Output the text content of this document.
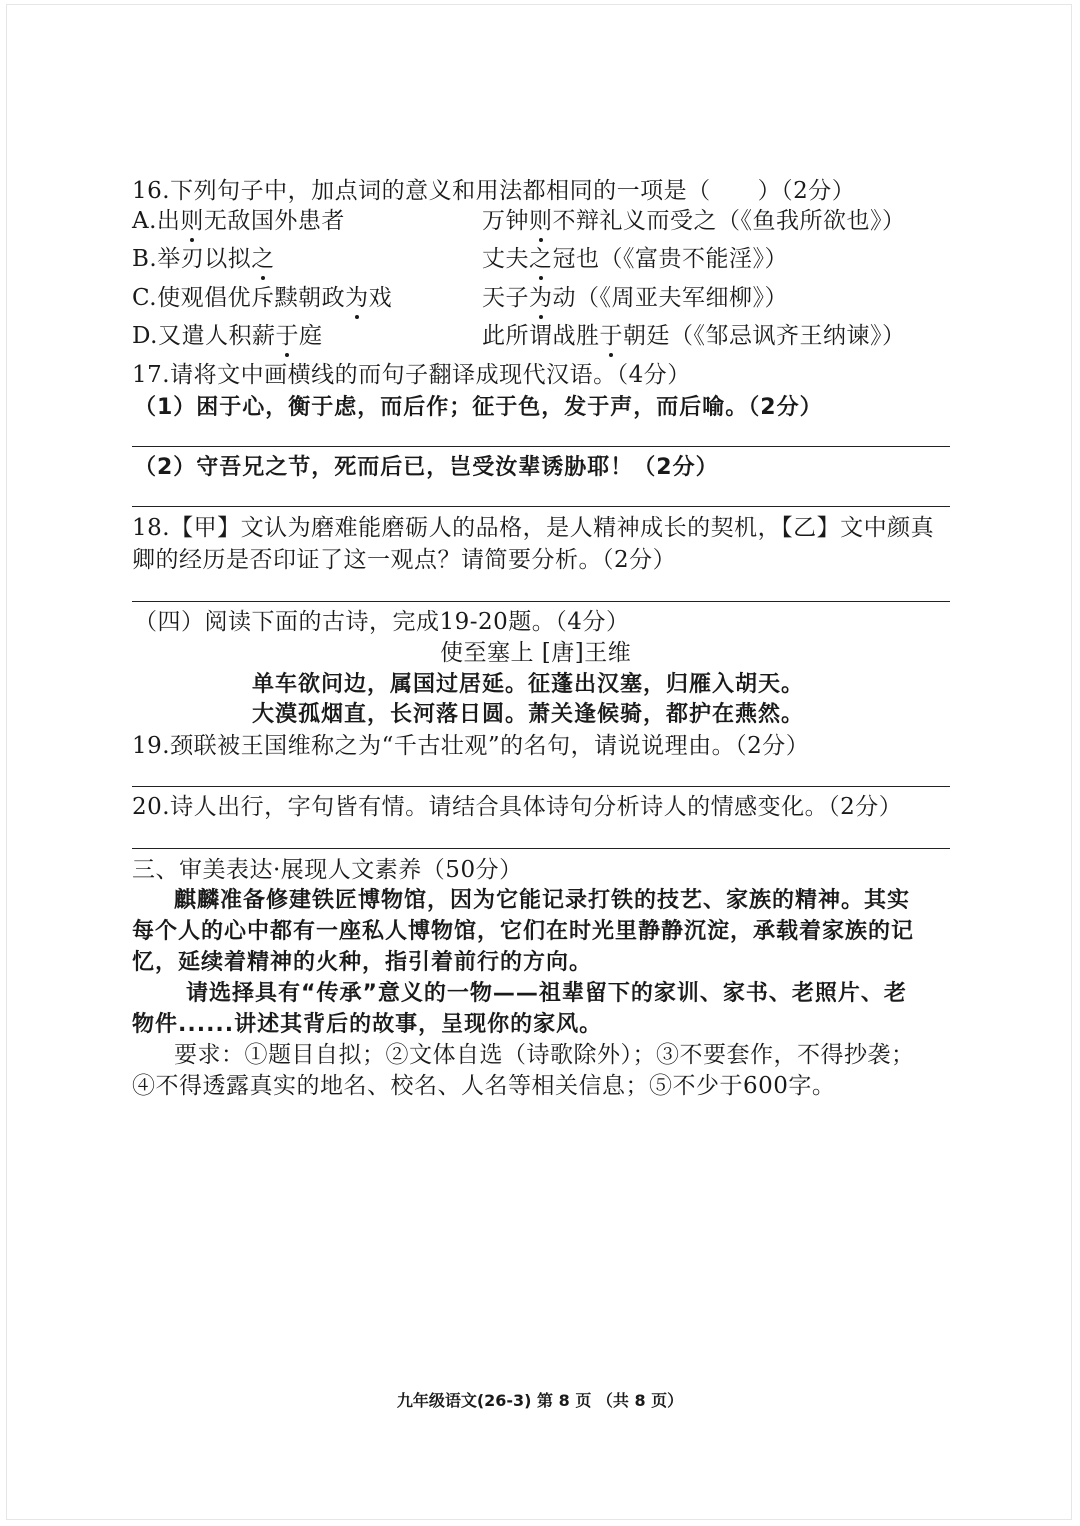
16.下列句子中，加点词的意义和用法都相同的一项是（　　）（2分）
A.出则无敌国外患者	万钟则不辩礼义而受之（《鱼我所欲也》）
B.举刃以拟之	丈夫之冠也（《富贵不能淫》）
C.使观倡优斥黩朝政为戏	天子为动（《周亚夫军细柳》）
D.又遣人积薪于庭	此所谓战胜于朝廷（《邹忌讽齐王纳谏》）
17.请将文中画横线的而句子翻译成现代汉语。（4分）
（1）困于心，衡于虑，而后作；征于色，发于声，而后喻。（2分）
（2）守吾兄之节，死而后已，岂受汝辈诱胁耶！（2分）
18.【甲】文认为磨难能磨砺人的品格，是人精神成长的契机，【乙】文中颜真
卿的经历是否印证了这一观点？请简要分析。（2分）
（四）阅读下面的古诗，完成19-20题。（4分）
使至塞上 [唐]王维
单车欲问边，属国过居延。征蓬出汉塞，归雁入胡天。
大漠孤烟直，长河落日圆。萧关逢候骑，都护在燕然。
19.颈联被王国维称之为“千古壮观”的名句，请说说理由。（2分）
20.诗人出行，字句皆有情。请结合具体诗句分析诗人的情感变化。（2分）
三、审美表达·展现人文素养（50分）
麒麟准备修建铁匠博物馆，因为它能记录打铁的技艺、家族的精神。其实
每个人的心中都有一座私人博物馆，它们在时光里静静沉淀，承载着家族的记
忆，延续着精神的火种，指引着前行的方向。
请选择具有“传承”意义的一物——祖辈留下的家训、家书、老照片、老
物件......讲述其背后的故事，呈现你的家风。
要求：①题目自拟；②文体自选（诗歌除外）；③不要套作，不得抄袭；
④不得透露真实的地名、校名、人名等相关信息；⑤不少于600字。
九年级语文(26-3) 第 8 页 （共 8 页）
